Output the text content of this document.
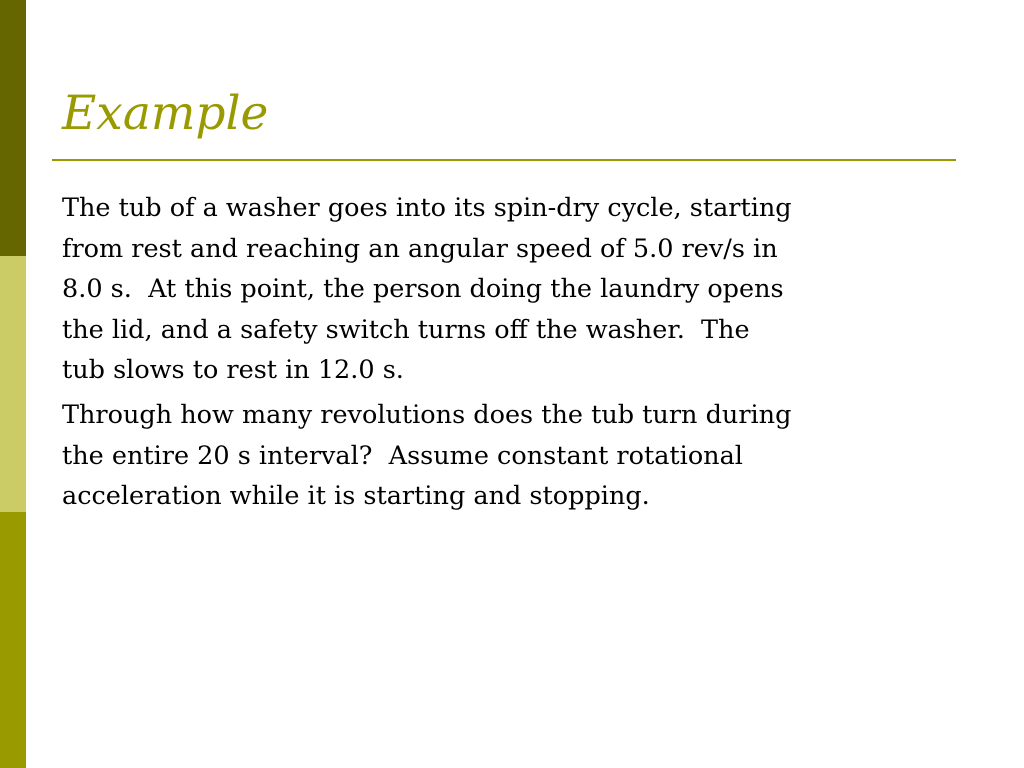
Example

The tub of a washer goes into its spin-dry cycle, starting
from rest and reaching an angular speed of 5.0 rev/s in
8.0 s.  At this point, the person doing the laundry opens
the lid, and a safety switch turns off the washer.  The
tub slows to rest in 12.0 s.

Through how many revolutions does the tub turn during
the entire 20 s interval?  Assume constant rotational
acceleration while it is starting and stopping.
